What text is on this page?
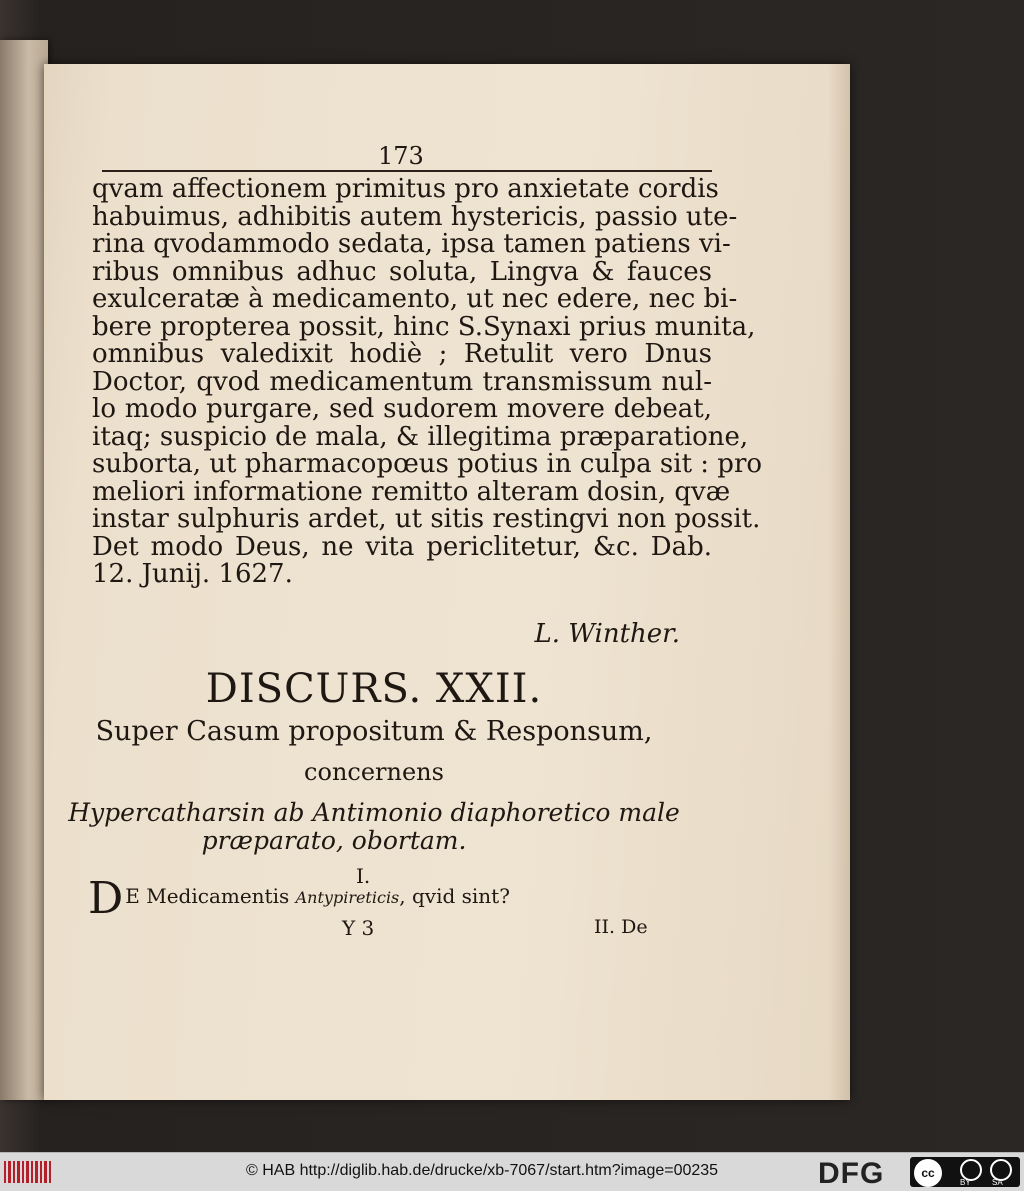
173
qvam affectionem primitus pro anxietate cordis
habuimus, adhibitis autem hystericis, passio ute-
rina qvodammodo sedata, ipsa tamen patiens vi-
ribus omnibus adhuc soluta, Lingva & fauces
exulceratæ à medicamento, ut nec edere, nec bi-
bere propterea possit, hinc S.Synaxi prius munita,
omnibus valedixit hodiè ; Retulit vero Dnus
Doctor, qvod medicamentum transmissum nul-
lo modo purgare, sed sudorem movere debeat,
itaq; suspicio de mala, & illegitima præparatione,
suborta, ut pharmacopœus potius in culpa sit : pro
meliori informatione remitto alteram dosin, qvæ
instar sulphuris ardet, ut sitis restingvi non possit.
Det modo Deus, ne vita periclitetur, &c. Dab.
12. Junij. 1627.
L. Winther.
DISCURS. XXII.
Super Casum propositum & Responsum,
concernens
Hypercatharsin ab Antimonio diaphoretico male
præparato, obortam.
I.
D E Medicamentis Antypireticis, qvid sint?
Y 3	II. De
© HAB http://diglib.hab.de/drucke/xb-7067/start.htm?image=00235	DFG	cc
BY	SA
